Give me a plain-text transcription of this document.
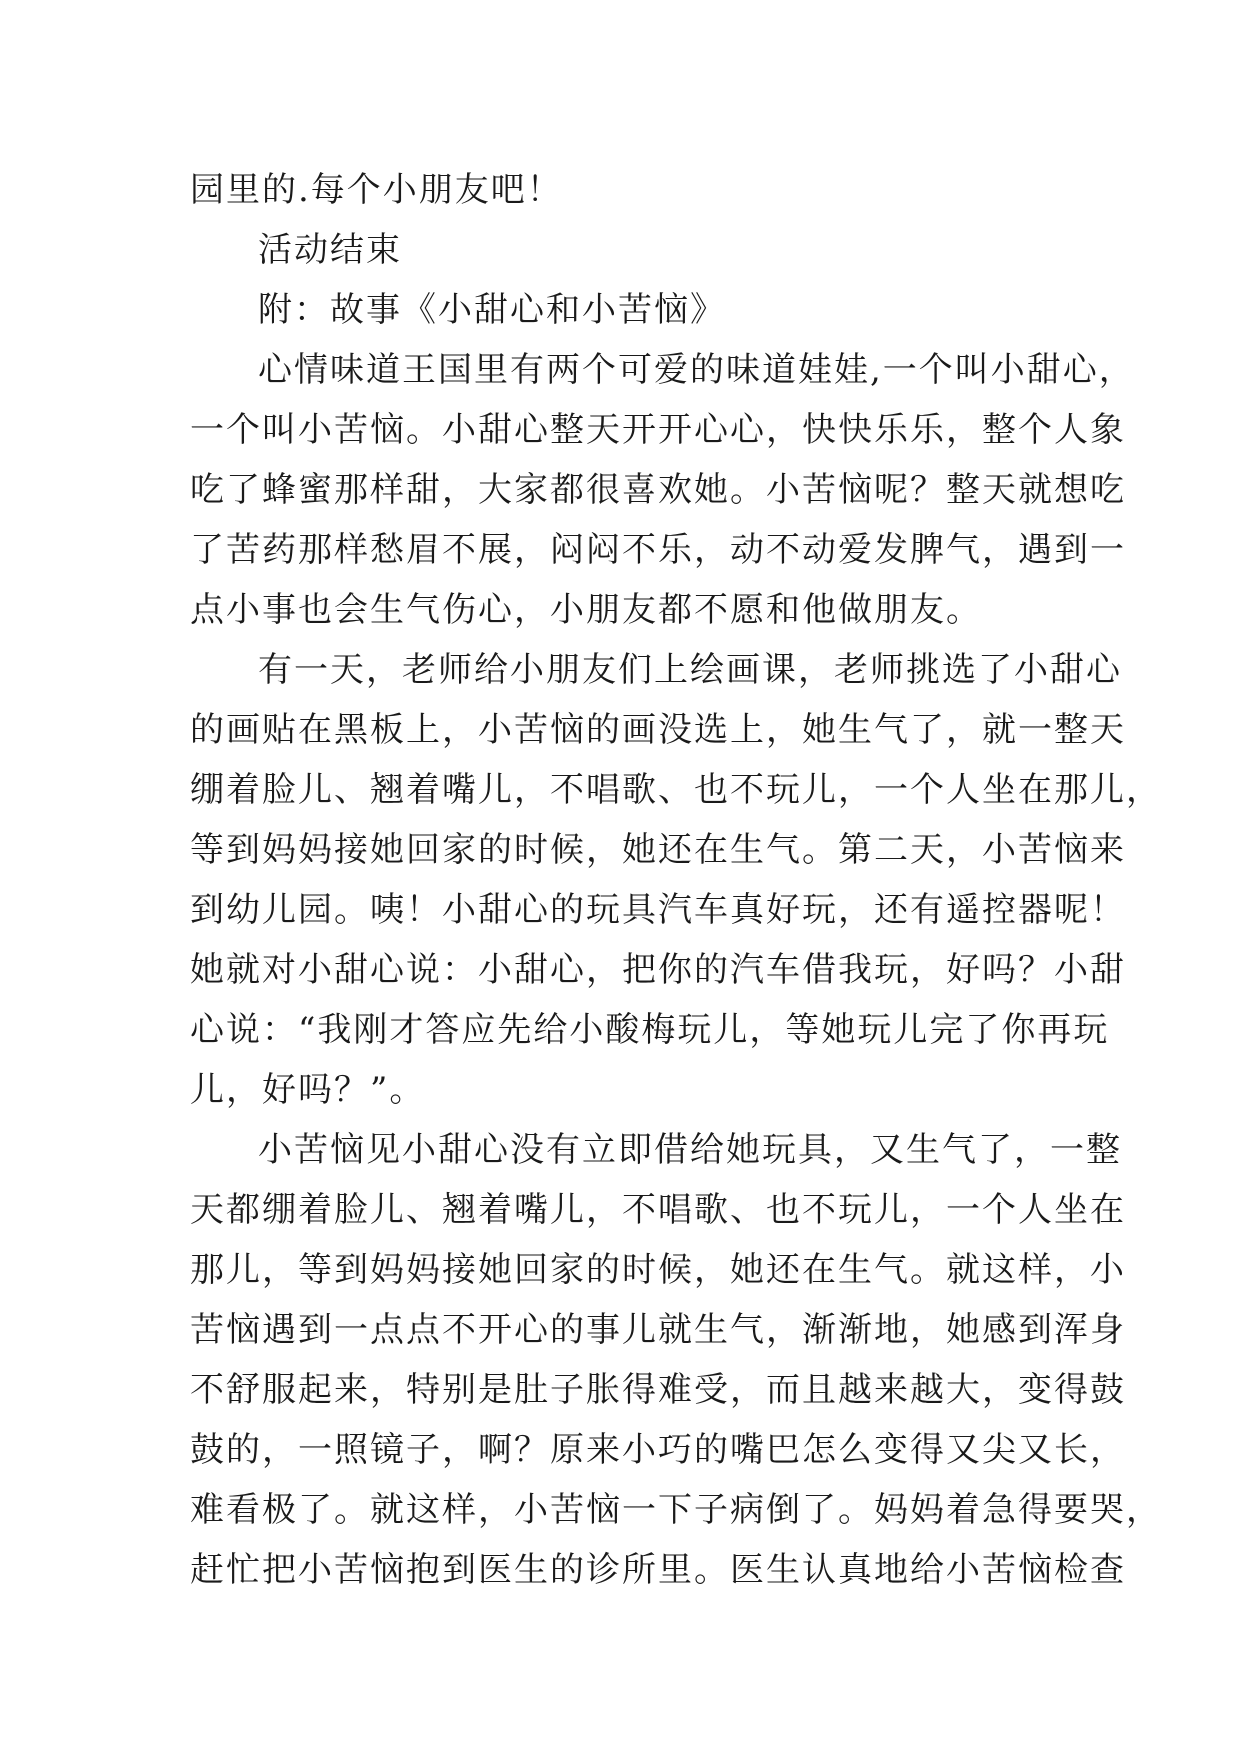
园里的.每个小朋友吧！
活动结束
附：故事《小甜心和小苦恼》
心情味道王国里有两个可爱的味道娃娃,一个叫小甜心，
一个叫小苦恼。小甜心整天开开心心，快快乐乐，整个人象
吃了蜂蜜那样甜，大家都很喜欢她。小苦恼呢？整天就想吃
了苦药那样愁眉不展，闷闷不乐，动不动爱发脾气，遇到一
点小事也会生气伤心，小朋友都不愿和他做朋友。
有一天，老师给小朋友们上绘画课，老师挑选了小甜心
的画贴在黑板上，小苦恼的画没选上，她生气了，就一整天
绷着脸儿、翘着嘴儿，不唱歌、也不玩儿，一个人坐在那儿，
等到妈妈接她回家的时候，她还在生气。第二天，小苦恼来
到幼儿园。咦！小甜心的玩具汽车真好玩，还有遥控器呢！
她就对小甜心说：小甜心，把你的汽车借我玩，好吗？小甜
心说：“我刚才答应先给小酸梅玩儿，等她玩儿完了你再玩
儿，好吗？”。
小苦恼见小甜心没有立即借给她玩具，又生气了，一整
天都绷着脸儿、翘着嘴儿，不唱歌、也不玩儿，一个人坐在
那儿，等到妈妈接她回家的时候，她还在生气。就这样，小
苦恼遇到一点点不开心的事儿就生气，渐渐地，她感到浑身
不舒服起来，特别是肚子胀得难受，而且越来越大，变得鼓
鼓的，一照镜子，啊？原来小巧的嘴巴怎么变得又尖又长，
难看极了。就这样，小苦恼一下子病倒了。妈妈着急得要哭，
赶忙把小苦恼抱到医生的诊所里。医生认真地给小苦恼检查
